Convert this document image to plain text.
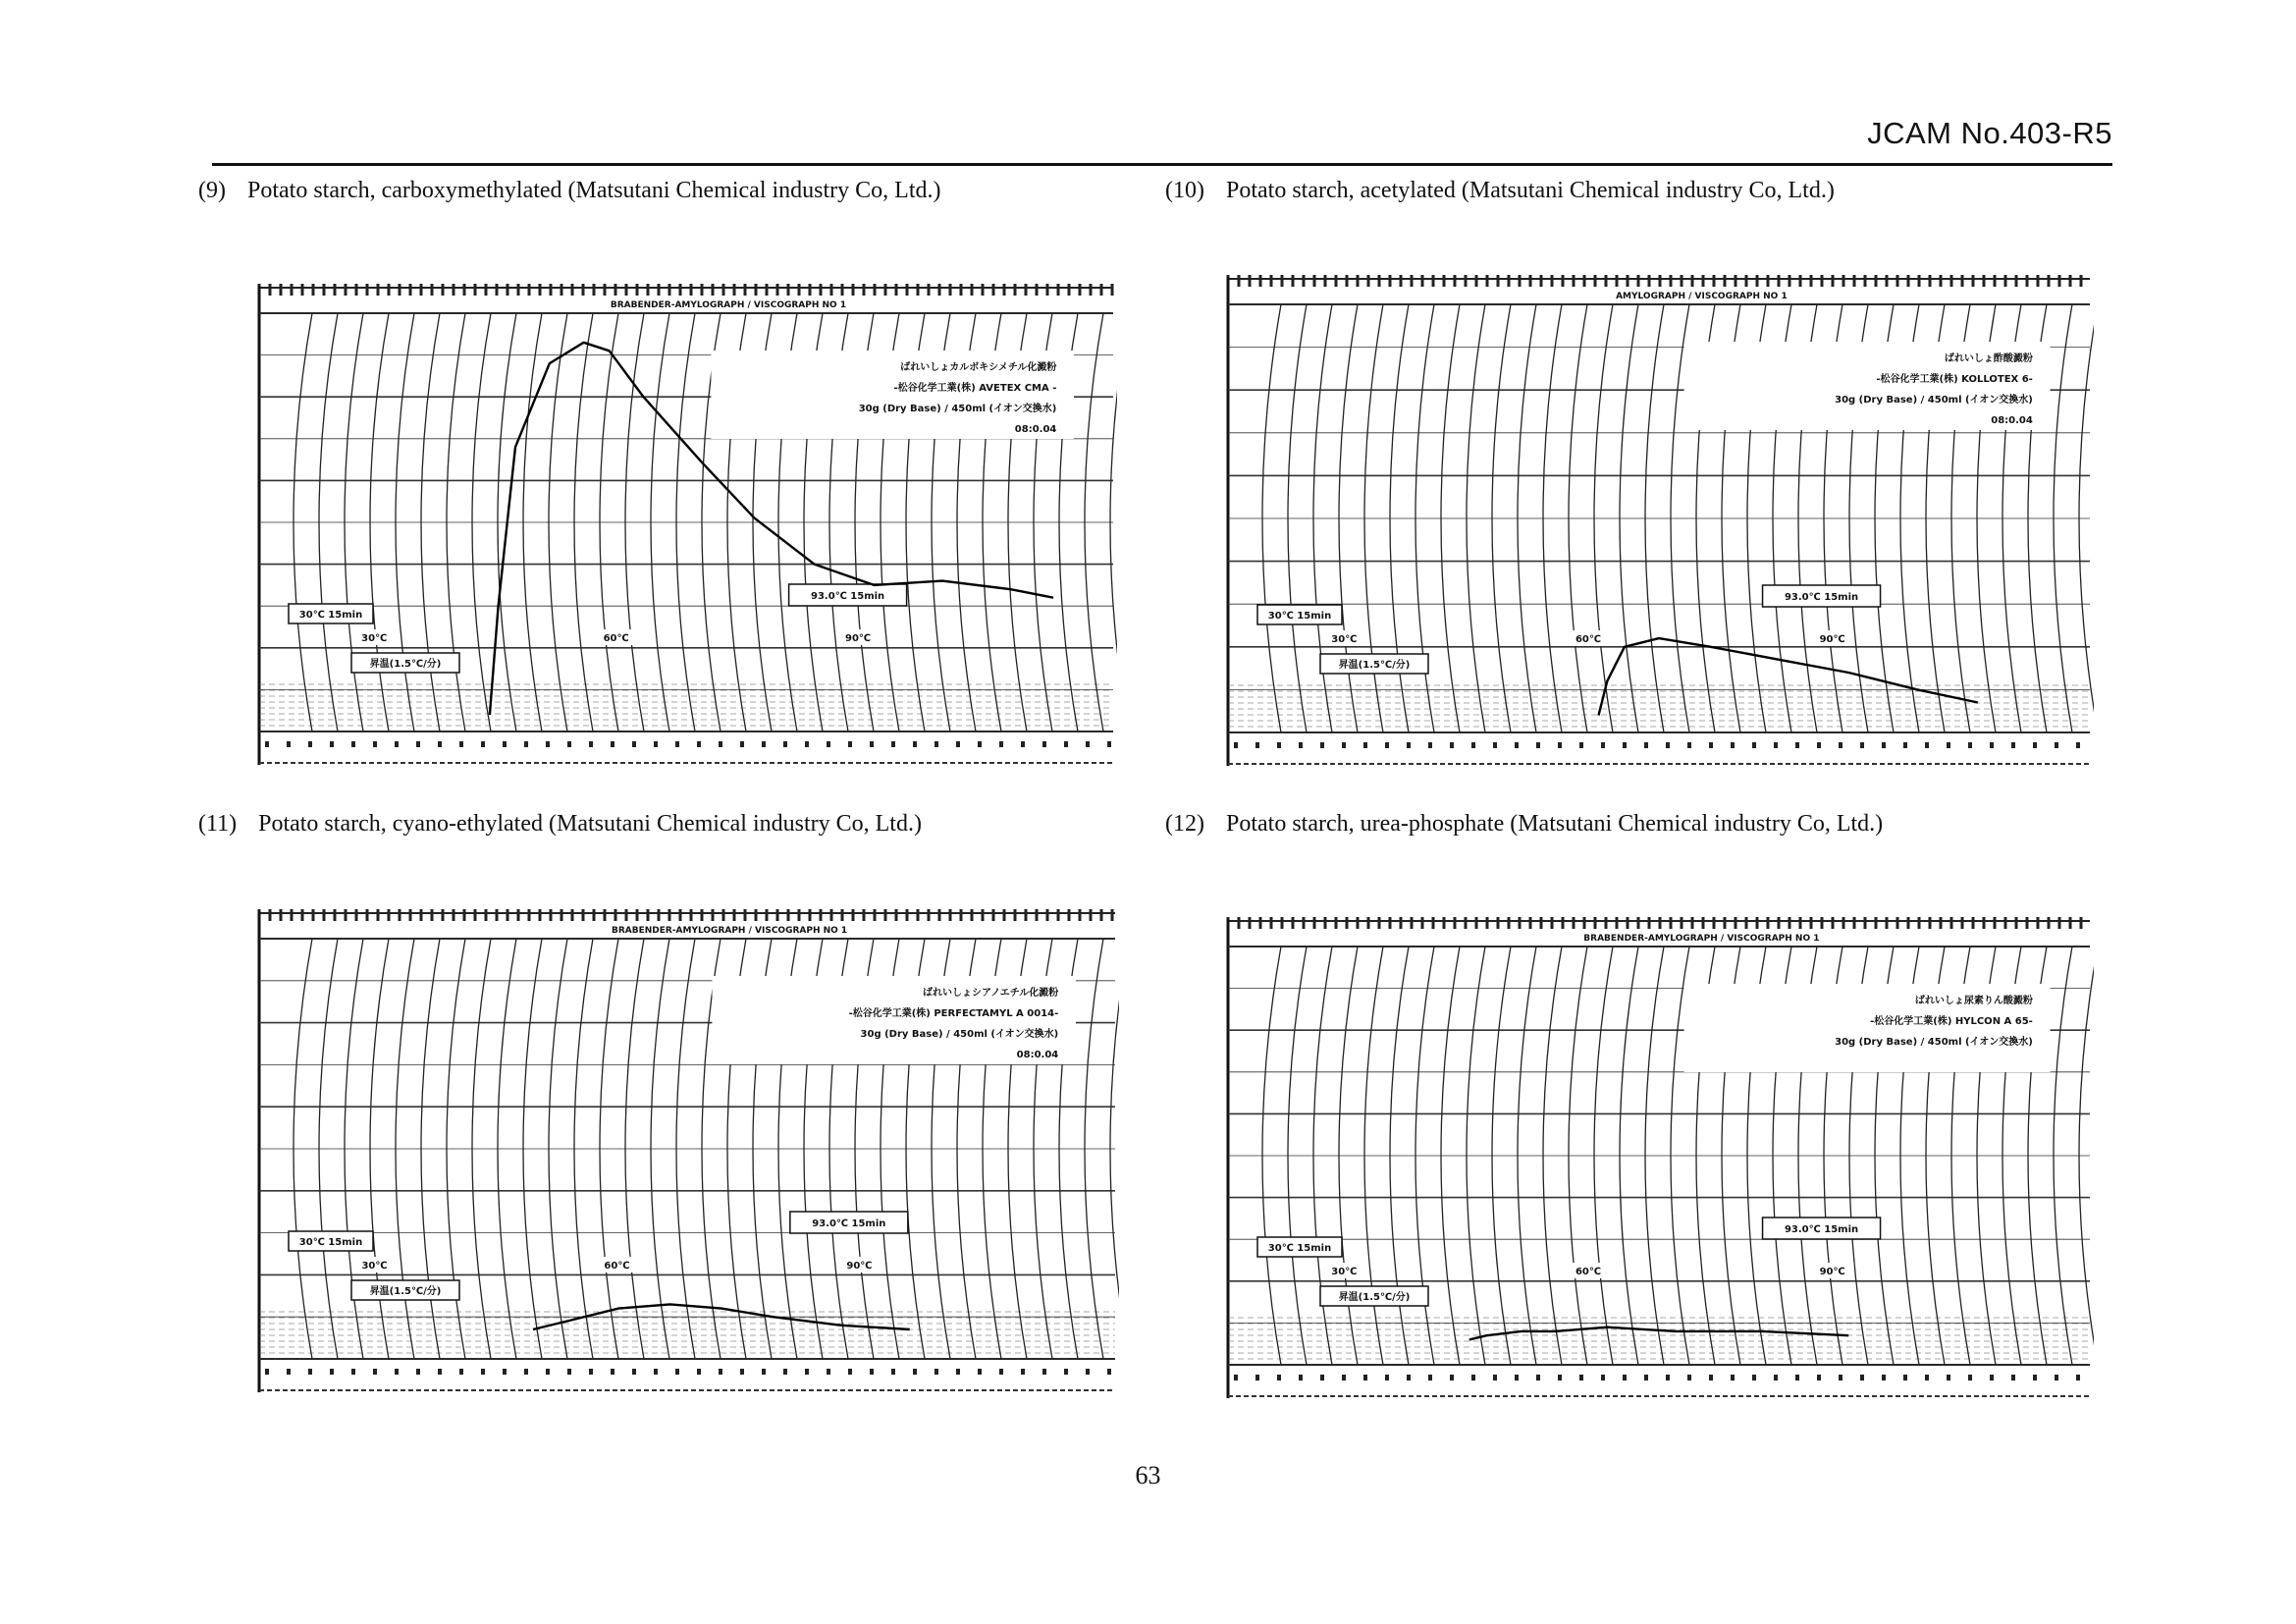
JCAM No.403-R5
(9) Potato starch, carboxymethylated (Matsutani Chemical industry Co, Ltd.)
BRABENDER-AMYLOGRAPH / VISCOGRAPH NO 1
ばれいしょカルボキシメチル化澱粉
-松谷化学工業(株) AVETEX CMA -
30g (Dry Base) / 450ml (イオン交換水)
08:0.04
30℃ 15min
93.0℃ 15min
昇温(1.5℃/分)
30℃	60℃	90℃
(10) Potato starch, acetylated (Matsutani Chemical industry Co, Ltd.)
AMYLOGRAPH / VISCOGRAPH NO 1
ばれいしょ酢酸澱粉
-松谷化学工業(株) KOLLOTEX 6-
30g (Dry Base) / 450ml (イオン交換水)
08:0.04
30℃ 15min
93.0℃ 15min
昇温(1.5℃/分)
30℃	60℃	90℃
(11) Potato starch, cyano-ethylated (Matsutani Chemical industry Co, Ltd.)
BRABENDER-AMYLOGRAPH / VISCOGRAPH NO 1
ばれいしょシアノエチル化澱粉
-松谷化学工業(株) PERFECTAMYL A 0014-
30g (Dry Base) / 450ml (イオン交換水)
08:0.04
30℃ 15min
93.0℃ 15min
昇温(1.5℃/分)
30℃	60℃	90℃
(12) Potato starch, urea-phosphate (Matsutani Chemical industry Co, Ltd.)
BRABENDER-AMYLOGRAPH / VISCOGRAPH NO 1
ばれいしょ尿素りん酸澱粉
-松谷化学工業(株) HYLCON A 65-
30g (Dry Base) / 450ml (イオン交換水)
30℃ 15min
93.0℃ 15min
昇温(1.5℃/分)
30℃	60℃	90℃
63
